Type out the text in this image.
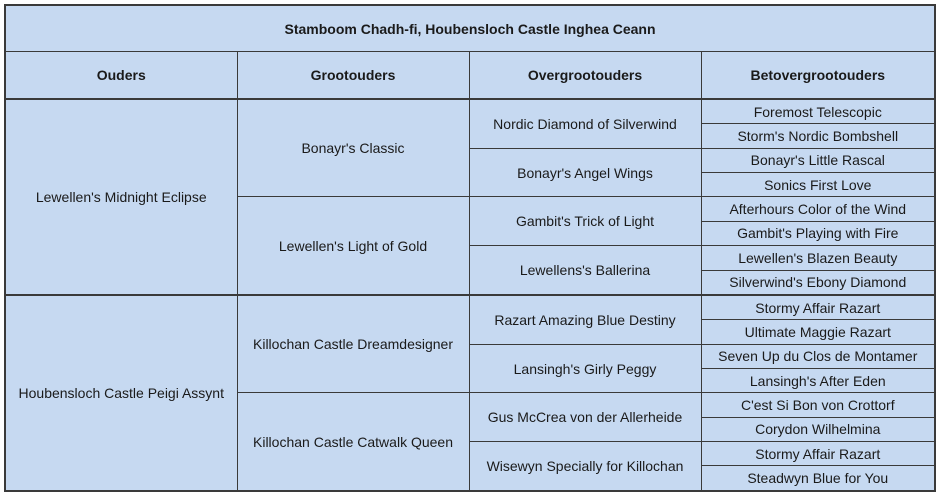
Stamboom Chadh-fi, Houbensloch Castle Inghea Ceann			
Ouders	Grootouders	Overgrootouders	Betovergrootouders
Lewellen's Midnight Eclipse	Bonayr's Classic	Nordic Diamond of Silverwind	Foremost Telescopic
			Storm's Nordic Bombshell
		Bonayr's Angel Wings	Bonayr's Little Rascal
			Sonics First Love
	Lewellen's Light of Gold	Gambit's Trick of Light	Afterhours Color of the Wind
			Gambit's Playing with Fire
		Lewellens's Ballerina	Lewellen's Blazen Beauty
			Silverwind's Ebony Diamond
Houbensloch Castle Peigi Assynt	Killochan Castle Dreamdesigner	Razart Amazing Blue Destiny	Stormy Affair Razart
			Ultimate Maggie Razart
		Lansingh's Girly Peggy	Seven Up du Clos de Montamer
			Lansingh's After Eden
	Killochan Castle Catwalk Queen	Gus McCrea von der Allerheide	C'est Si Bon von Crottorf
			Corydon Wilhelmina
		Wisewyn Specially for Killochan	Stormy Affair Razart
			Steadwyn Blue for You
